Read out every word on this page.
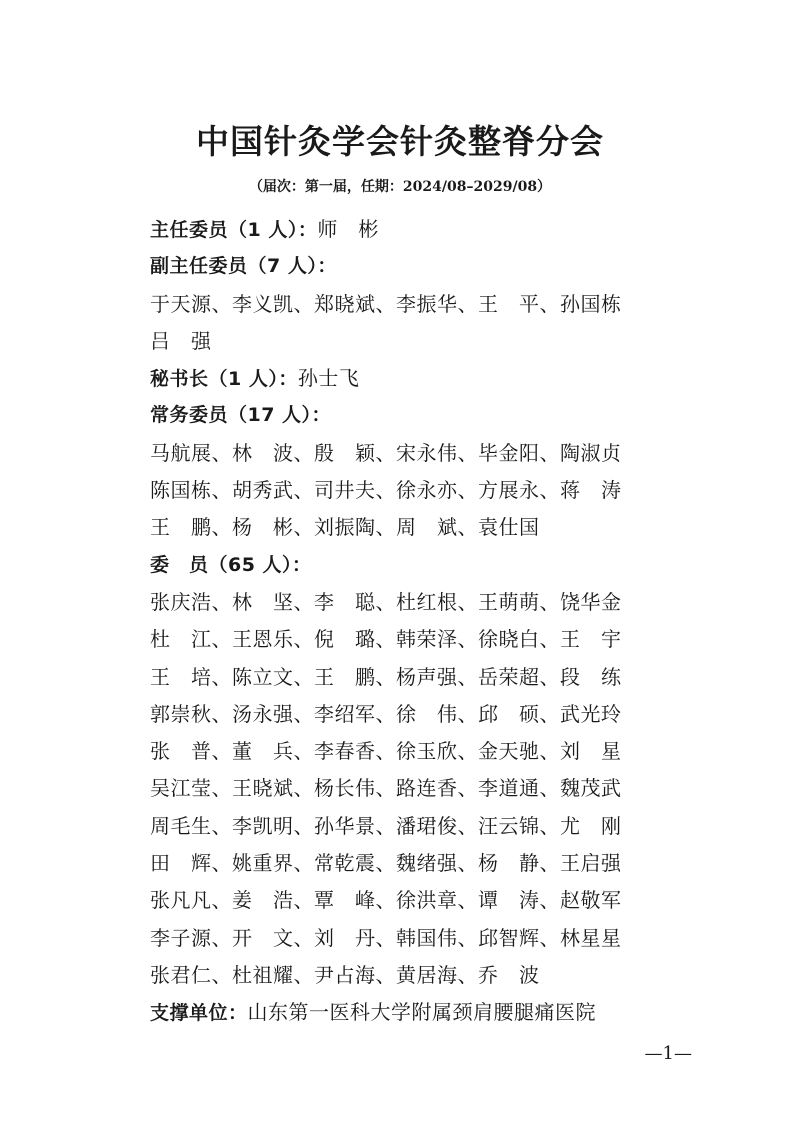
中国针灸学会针灸整脊分会
（届次：第一届，任期：2024/08–2029/08）
主任委员（1 人）：师　彬
副主任委员（7 人）：
于天源、李义凯、郑晓斌、李振华、王　平、孙国栋
吕　强
秘书长（1 人）：孙士飞
常务委员（17 人）：
马航展、林　波、殷　颖、宋永伟、毕金阳、陶淑贞
陈国栋、胡秀武、司井夫、徐永亦、方展永、蒋　涛
王　鹏、杨　彬、刘振陶、周　斌、袁仕国
委　员（65 人）：
张庆浩、林　坚、李　聪、杜红根、王萌萌、饶华金
杜　江、王恩乐、倪　璐、韩荣泽、徐晓白、王　宇
王　培、陈立文、王　鹏、杨声强、岳荣超、段　练
郭崇秋、汤永强、李绍军、徐　伟、邱　硕、武光玲
张　普、董　兵、李春香、徐玉欣、金天驰、刘　星
吴江莹、王晓斌、杨长伟、路连香、李道通、魏茂武
周毛生、李凯明、孙华景、潘珺俊、汪云锦、尤　刚
田　辉、姚重界、常乾震、魏绪强、杨　静、王启强
张凡凡、姜　浩、覃　峰、徐洪章、谭　涛、赵敬军
李子源、开　文、刘　丹、韩国伟、邱智辉、林星星
张君仁、杜祖耀、尹占海、黄居海、乔　波
支撑单位：山东第一医科大学附属颈肩腰腿痛医院
—1—
